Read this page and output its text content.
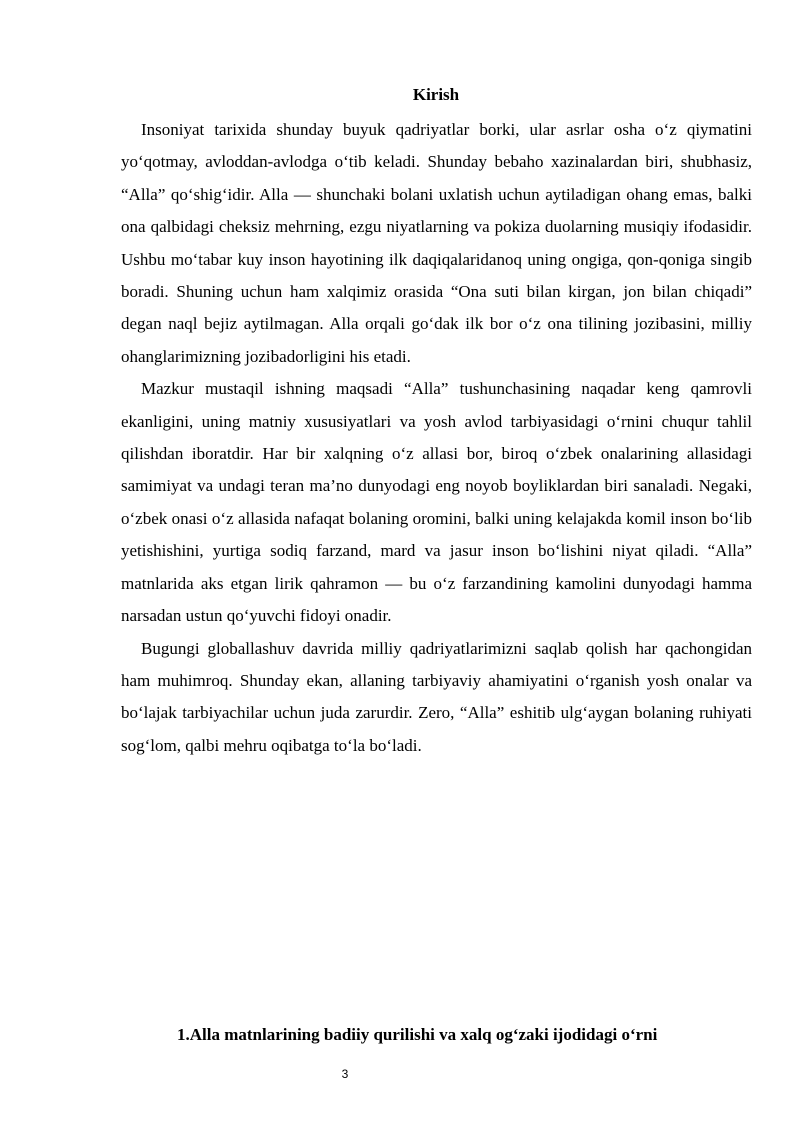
Kirish

Insoniyat tarixida shunday buyuk qadriyatlar borki, ular asrlar osha o‘z qiymatini yo‘qotmay, avloddan-avlodga o‘tib keladi. Shunday bebaho xazinalardan biri, shubhasiz, “Alla” qo‘shig‘idir. Alla — shunchaki bolani uxlatish uchun aytiladigan ohang emas, balki ona qalbidagi cheksiz mehrning, ezgu niyatlarning va pokiza duolarning musiqiy ifodasidir. Ushbu mo‘tabar kuy inson hayotining ilk daqiqalaridanoq uning ongiga, qon-qoniga singib boradi. Shuning uchun ham xalqimiz orasida “Ona suti bilan kirgan, jon bilan chiqadi” degan naql bejiz aytilmagan. Alla orqali go‘dak ilk bor o‘z ona tilining jozibasini, milliy ohanglarimizning jozibadorligini his etadi.

Mazkur mustaqil ishning maqsadi “Alla” tushunchasining naqadar keng qamrovli ekanligini, uning matniy xususiyatlari va yosh avlod tarbiyasidagi o‘rnini chuqur tahlil qilishdan iboratdir. Har bir xalqning o‘z allasi bor, biroq o‘zbek onalarining allasidagi samimiyat va undagi teran ma’no dunyodagi eng noyob boyliklardan biri sanaladi. Negaki, o‘zbek onasi o‘z allasida nafaqat bolaning oromini, balki uning kelajakda komil inson bo‘lib yetishishini, yurtiga sodiq farzand, mard va jasur inson bo‘lishini niyat qiladi. “Alla” matnlarida aks etgan lirik qahramon — bu o‘z farzandining kamolini dunyodagi hamma narsadan ustun qo‘yuvchi fidoyi onadir.

Bugungi globallashuv davrida milliy qadriyatlarimizni saqlab qolish har qachongidan ham muhimroq. Shunday ekan, allaning tarbiyaviy ahamiyatini o‘rganish yosh onalar va bo‘lajak tarbiyachilar uchun juda zarurdir. Zero, “Alla” eshitib ulg‘aygan bolaning ruhiyati sog‘lom, qalbi mehru oqibatga to‘la bo‘ladi.

1.Alla matnlarining badiiy qurilishi va xalq og‘zaki ijodidagi o‘rni
3
